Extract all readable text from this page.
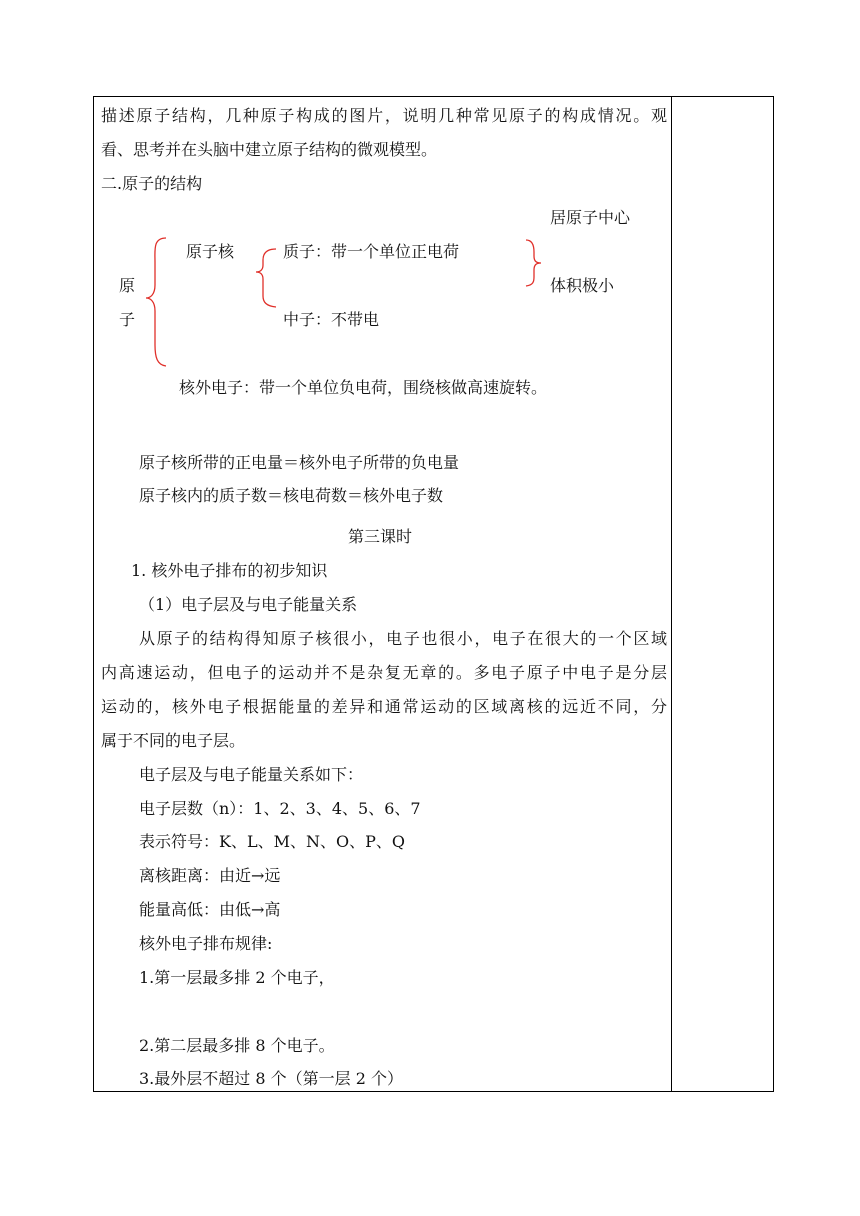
描述原子结构，几种原子构成的图片，说明几种常见原子的构成情况。观
看、思考并在头脑中建立原子结构的微观模型。
二.原子的结构
居原子中心
原子核	质子：带一个单位正电荷
原	体积极小
子	中子：不带电
核外电子：带一个单位负电荷，围绕核做高速旋转。
原子核所带的正电量＝核外电子所带的负电量
原子核内的质子数＝核电荷数＝核外电子数
第三课时
1. 核外电子排布的初步知识
（1）电子层及与电子能量关系
从原子的结构得知原子核很小，电子也很小，电子在很大的一个区域
内高速运动，但电子的运动并不是杂复无章的。多电子原子中电子是分层
运动的，核外电子根据能量的差异和通常运动的区域离核的远近不同，分
属于不同的电子层。
电子层及与电子能量关系如下：
电子层数（n）：1、2、3、4、5、6、7
表示符号：K、L、M、N、O、P、Q
离核距离：由近→远
能量高低：由低→高
核外电子排布规律:
1.第一层最多排 2 个电子，
2.第二层最多排 8 个电子。
3.最外层不超过 8 个（第一层 2 个）
